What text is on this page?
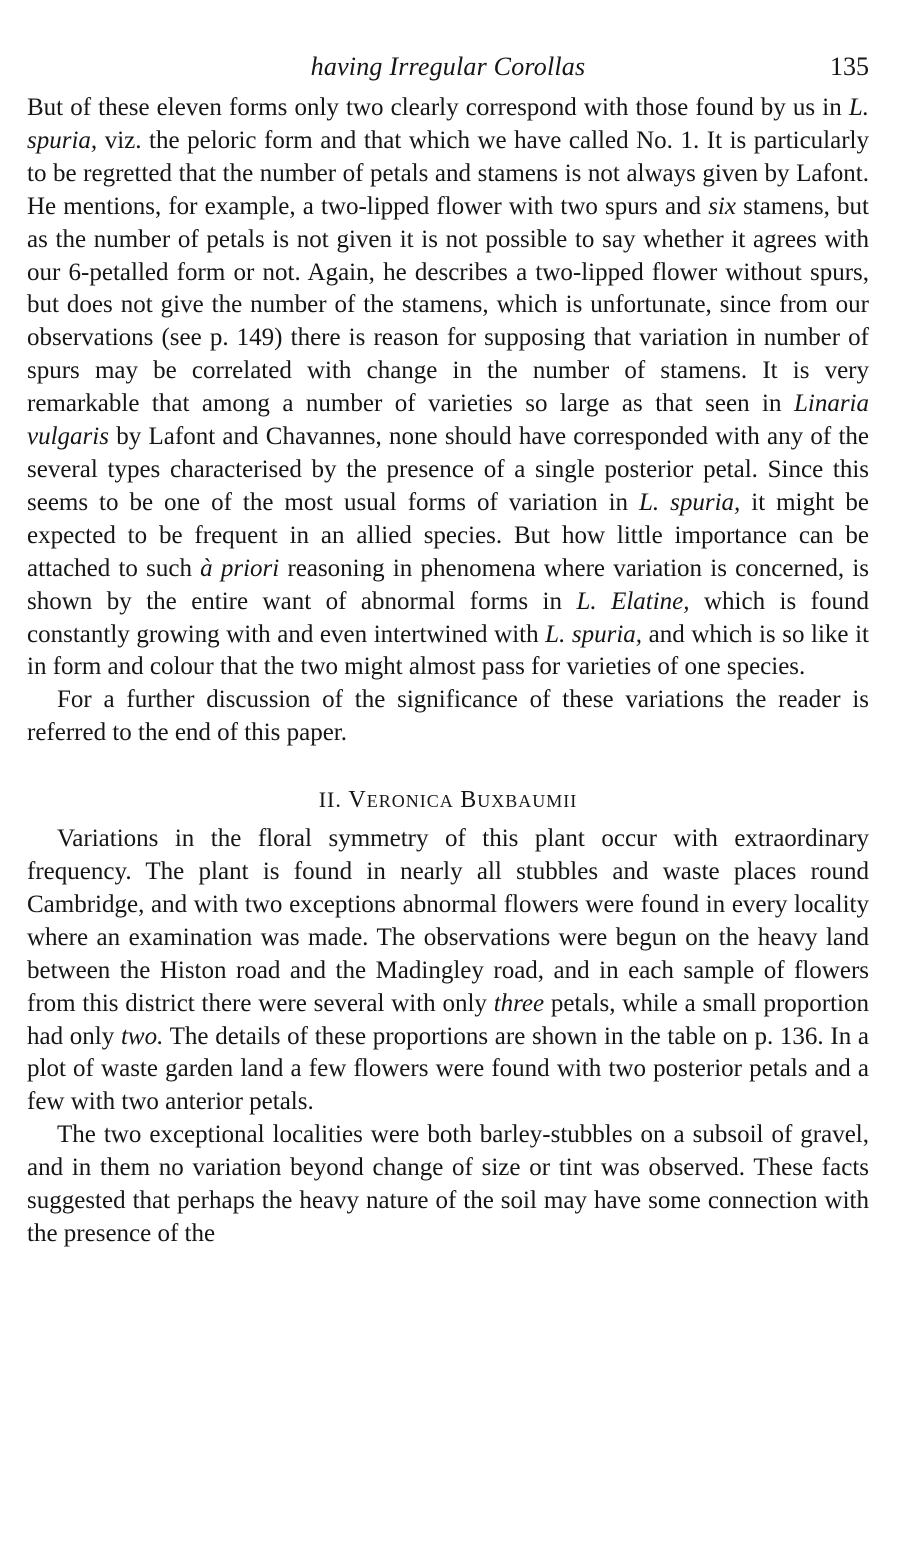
having Irregular Corollas	135

But of these eleven forms only two clearly correspond with those found by us in L. spuria, viz. the peloric form and that which we have called No. 1. It is particularly to be regretted that the number of petals and stamens is not always given by Lafont. He mentions, for example, a two-lipped flower with two spurs and six stamens, but as the number of petals is not given it is not possible to say whether it agrees with our 6-petalled form or not. Again, he describes a two-lipped flower without spurs, but does not give the number of the stamens, which is unfortunate, since from our observations (see p. 149) there is reason for supposing that variation in number of spurs may be correlated with change in the number of stamens. It is very remarkable that among a number of varieties so large as that seen in Linaria vulgaris by Lafont and Chavannes, none should have corresponded with any of the several types characterised by the presence of a single posterior petal. Since this seems to be one of the most usual forms of variation in L. spuria, it might be expected to be frequent in an allied species. But how little importance can be attached to such à priori reasoning in phenomena where variation is concerned, is shown by the entire want of abnormal forms in L. Elatine, which is found constantly growing with and even intertwined with L. spuria, and which is so like it in form and colour that the two might almost pass for varieties of one species.

For a further discussion of the significance of these variations the reader is referred to the end of this paper.

II. VERONICA BUXBAUMII

Variations in the floral symmetry of this plant occur with extraordinary frequency. The plant is found in nearly all stubbles and waste places round Cambridge, and with two exceptions abnormal flowers were found in every locality where an examination was made. The observations were begun on the heavy land between the Histon road and the Madingley road, and in each sample of flowers from this district there were several with only three petals, while a small proportion had only two. The details of these proportions are shown in the table on p. 136. In a plot of waste garden land a few flowers were found with two posterior petals and a few with two anterior petals.

The two exceptional localities were both barley-stubbles on a subsoil of gravel, and in them no variation beyond change of size or tint was observed. These facts suggested that perhaps the heavy nature of the soil may have some connection with the presence of the
